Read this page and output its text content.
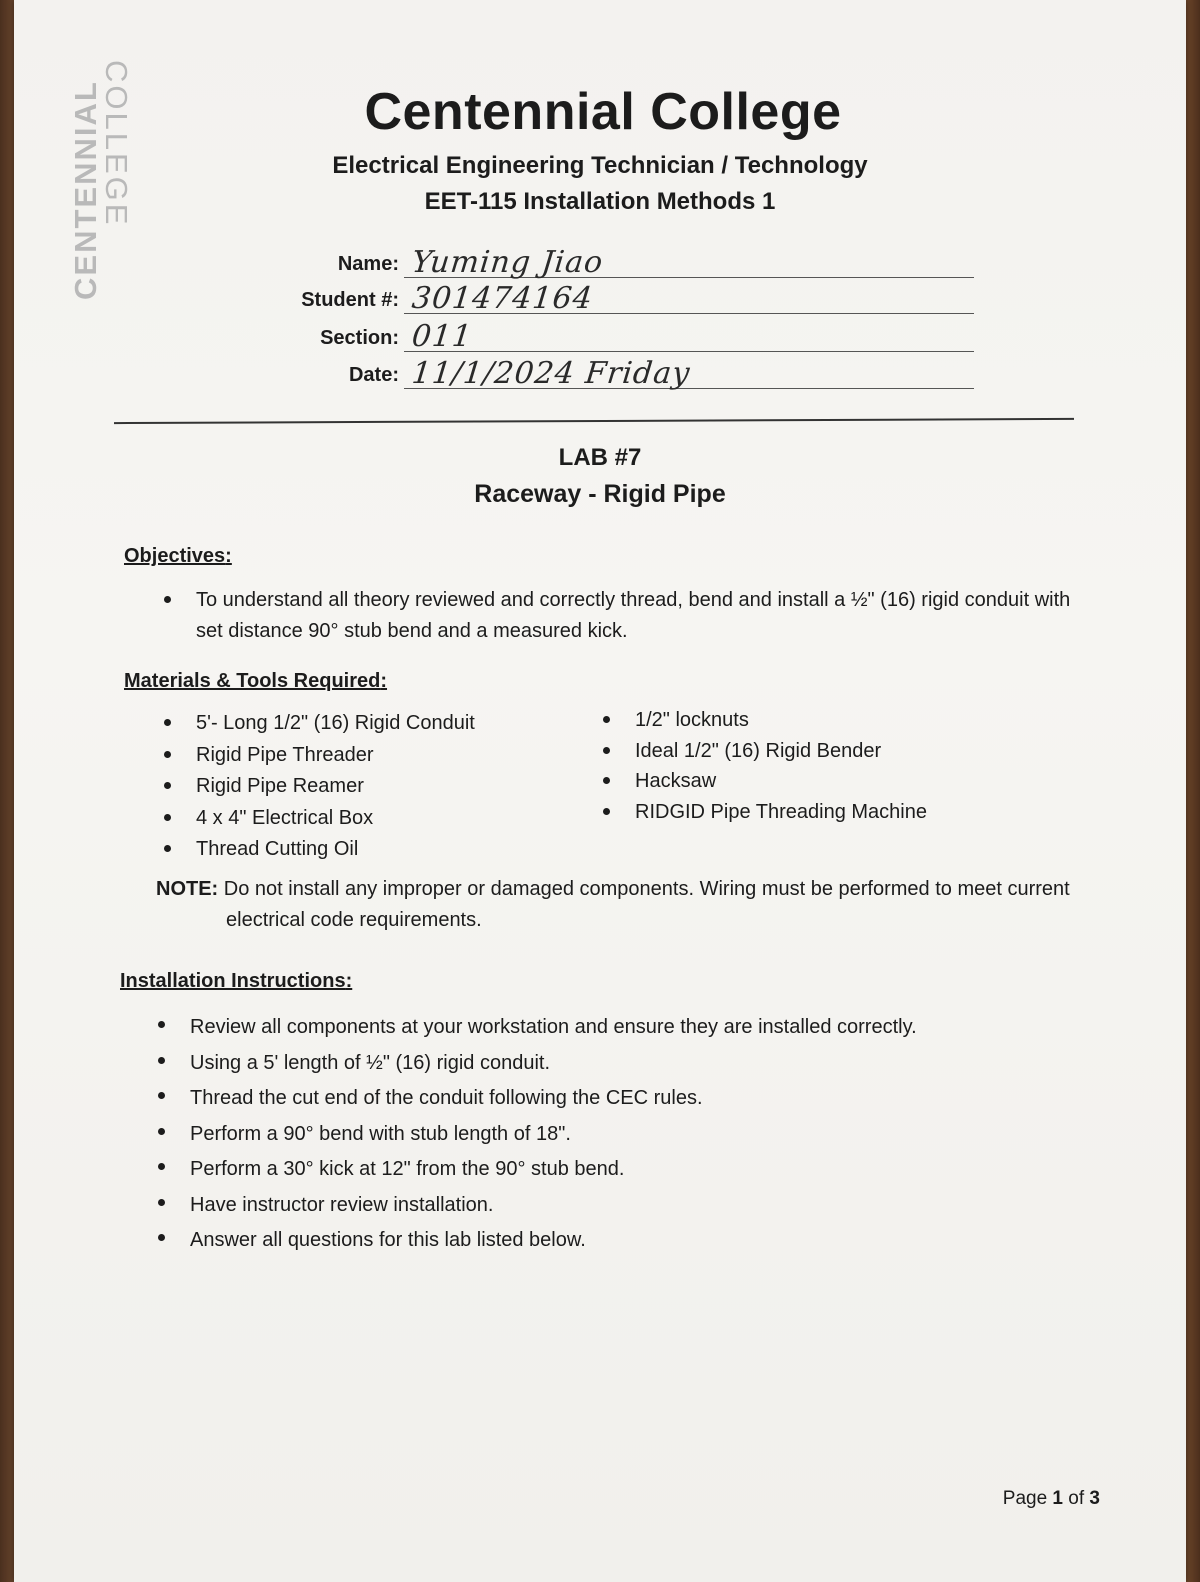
CENTENNIAL
COLLEGE	Centennial College
Electrical Engineering Technician / Technology
EET-115 Installation Methods 1
Name: Yuming Jiao
Student #: 301474164
Section: 011
Date: 11/1/2024 Friday
LAB #7
Raceway - Rigid Pipe
Objectives:
To understand all theory reviewed and correctly thread, bend and install a ½" (16) rigid conduit with set distance 90° stub bend and a measured kick.
Materials & Tools Required:
5'- Long 1/2" (16) Rigid Conduit
Rigid Pipe Threader
Rigid Pipe Reamer
4 x 4" Electrical Box
Thread Cutting Oil
1/2" locknuts
Ideal 1/2" (16) Rigid Bender
Hacksaw
RIDGID Pipe Threading Machine
NOTE: Do not install any improper or damaged components. Wiring must be performed to meet current electrical code requirements.
Installation Instructions:
Review all components at your workstation and ensure they are installed correctly.
Using a 5' length of ½" (16) rigid conduit.
Thread the cut end of the conduit following the CEC rules.
Perform a 90° bend with stub length of 18".
Perform a 30° kick at 12" from the 90° stub bend.
Have instructor review installation.
Answer all questions for this lab listed below.
Page 1 of 3
